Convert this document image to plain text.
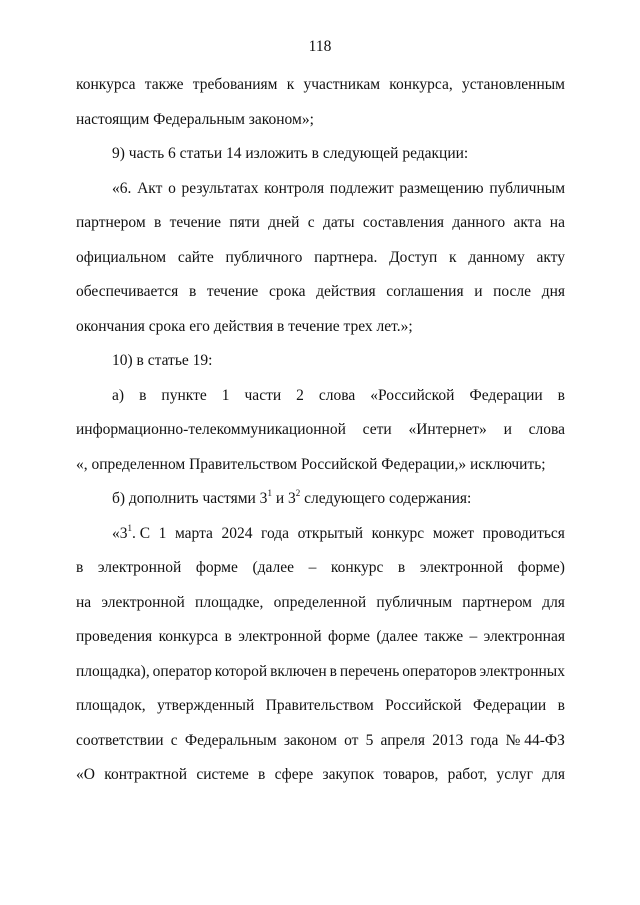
118
конкурса также требованиям к участникам конкурса, установленным
настоящим Федеральным законом»;
9) часть 6 статьи 14 изложить в следующей редакции:
«6. Акт о результатах контроля подлежит размещению публичным
партнером в течение пяти дней с даты составления данного акта на
официальном сайте публичного партнера. Доступ к данному акту
обеспечивается в течение срока действия соглашения и после дня
окончания срока его действия в течение трех лет.»;
10) в статье 19:
а) в пункте 1 части 2 слова «Российской Федерации в
информационно-телекоммуникационной сети «Интернет» и слова
«, определенном Правительством Российской Федерации,» исключить;
б) дополнить частями $3^1$ и $3^2$ следующего содержания:
«$3^1$. С 1 марта 2024 года открытый конкурс может проводиться
в электронной форме (далее – конкурс в электронной форме)
на электронной площадке, определенной публичным партнером для
проведения конкурса в электронной форме (далее также – электронная
площадка), оператор которой включен в перечень операторов электронных
площадок, утвержденный Правительством Российской Федерации в
соответствии с Федеральным законом от 5 апреля 2013 года № 44-ФЗ
«О контрактной системе в сфере закупок товаров, работ, услуг для
